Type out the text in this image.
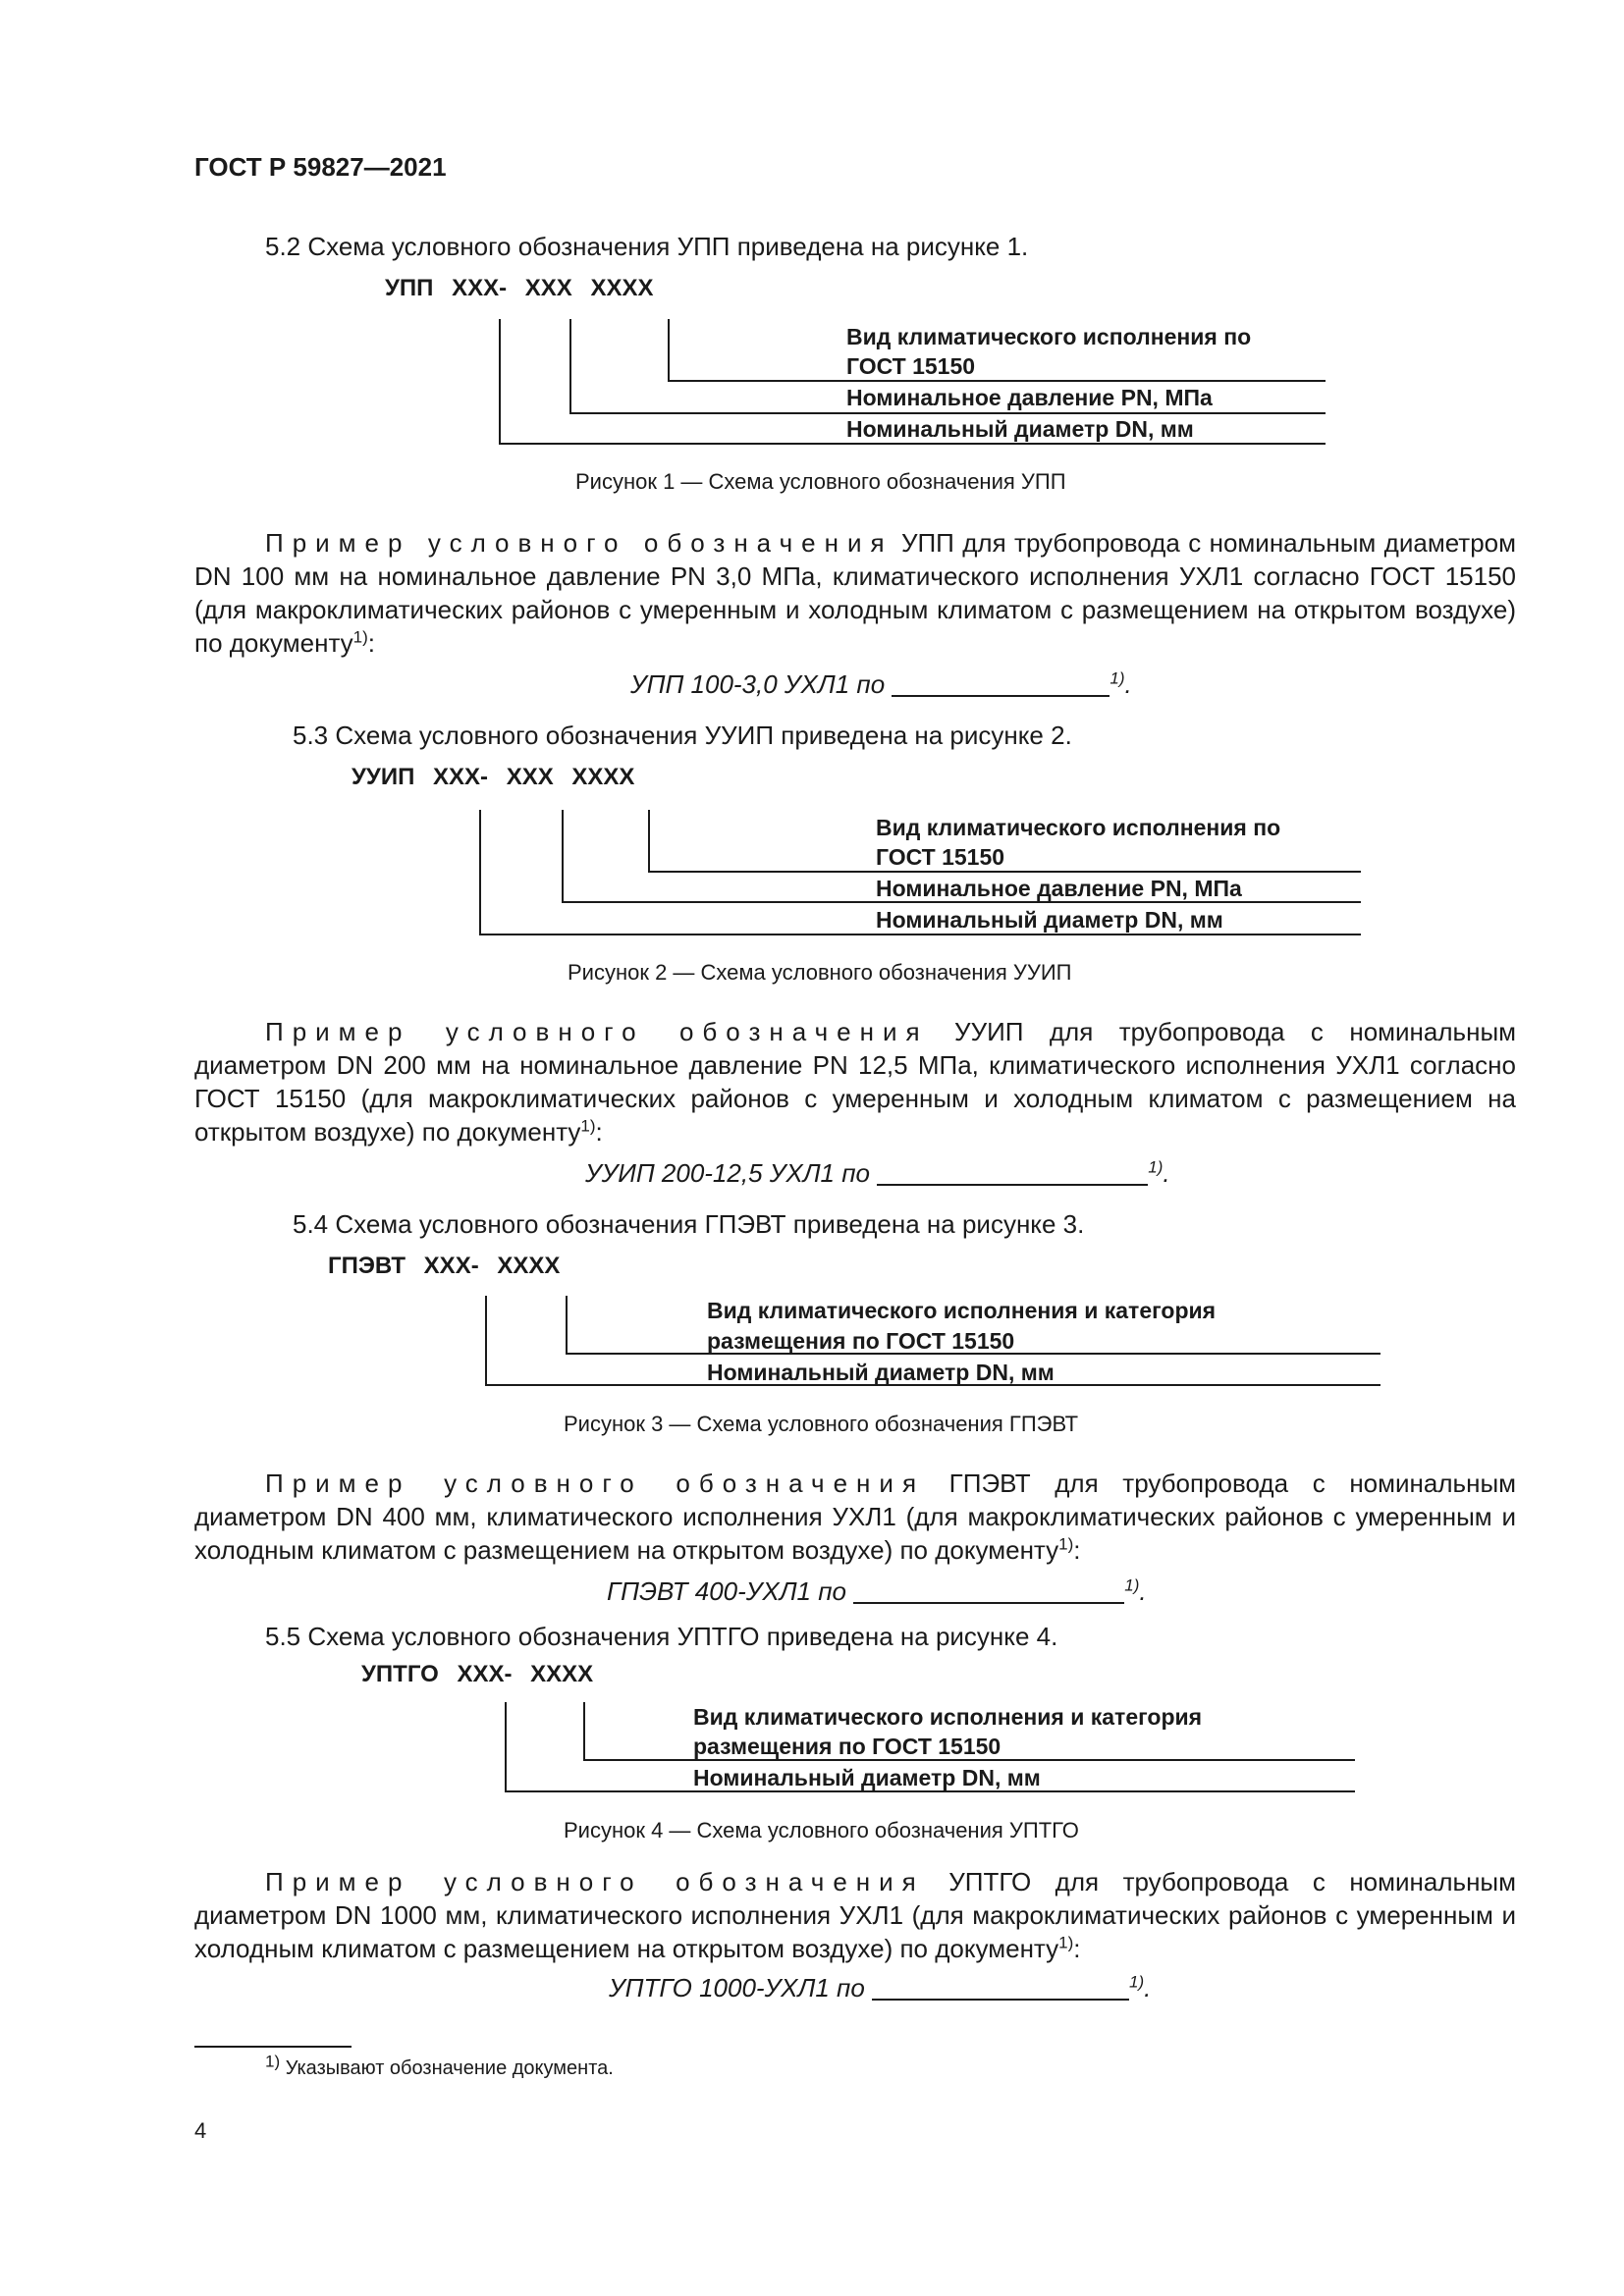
ГОСТ Р 59827—2021
5.2 Схема условного обозначения УПП приведена на рисунке 1.
УПП ХХХ- ХХХ ХХХХ
Вид климатического исполнения по
ГОСТ 15150
Номинальное давление PN, МПа
Номинальный диаметр DN, мм
Рисунок 1 — Схема условного обозначения УПП
Пример условного обозначения УПП для трубопровода с номинальным диаметром DN 100 мм на номинальное давление PN 3,0 МПа, климатического исполнения УХЛ1 согласно ГОСТ 15150 (для макроклиматических районов с умеренным и холодным климатом с размещением на открытом воздухе) по документу$^{1)}$:
УПП 100-3,0 УХЛ1 по	$^{1)}$.
5.3 Схема условного обозначения УУИП приведена на рисунке 2.
УУИП ХХХ- ХХХ ХХХХ
Вид климатического исполнения по
ГОСТ 15150
Номинальное давление PN, МПа
Номинальный диаметр DN, мм
Рисунок 2 — Схема условного обозначения УУИП
Пример условного обозначения УУИП для трубопровода с номинальным диаметром DN 200 мм на номинальное давление PN 12,5 МПа, климатического исполнения УХЛ1 согласно ГОСТ 15150 (для макроклиматических районов с умеренным и холодным климатом с размещением на открытом воздухе) по документу$^{1)}$:
УУИП 200-12,5 УХЛ1 по	$^{1)}$.
5.4 Схема условного обозначения ГПЭВТ приведена на рисунке 3.
ГПЭВТ ХХХ- ХХХХ
Вид климатического исполнения и категория
размещения по ГОСТ 15150
Номинальный диаметр DN, мм
Рисунок 3 — Схема условного обозначения ГПЭВТ
Пример условного обозначения ГПЭВТ для трубопровода с номинальным диаметром DN 400 мм, климатического исполнения УХЛ1 (для макроклиматических районов с умеренным и холодным климатом с размещением на открытом воздухе) по документу$^{1)}$:
ГПЭВТ 400-УХЛ1 по	$^{1)}$.
5.5 Схема условного обозначения УПТГО приведена на рисунке 4.
УПТГО ХХХ- ХХХХ
Вид климатического исполнения и категория
размещения по ГОСТ 15150
Номинальный диаметр DN, мм
Рисунок 4 — Схема условного обозначения УПТГО
Пример условного обозначения УПТГО для трубопровода с номинальным диаметром DN 1000 мм, климатического исполнения УХЛ1 (для макроклиматических районов с умеренным и холодным климатом с размещением на открытом воздухе) по документу$^{1)}$:
УПТГО 1000-УХЛ1 по	$^{1)}$.
$^{1)}$ Указывают обозначение документа.
4
